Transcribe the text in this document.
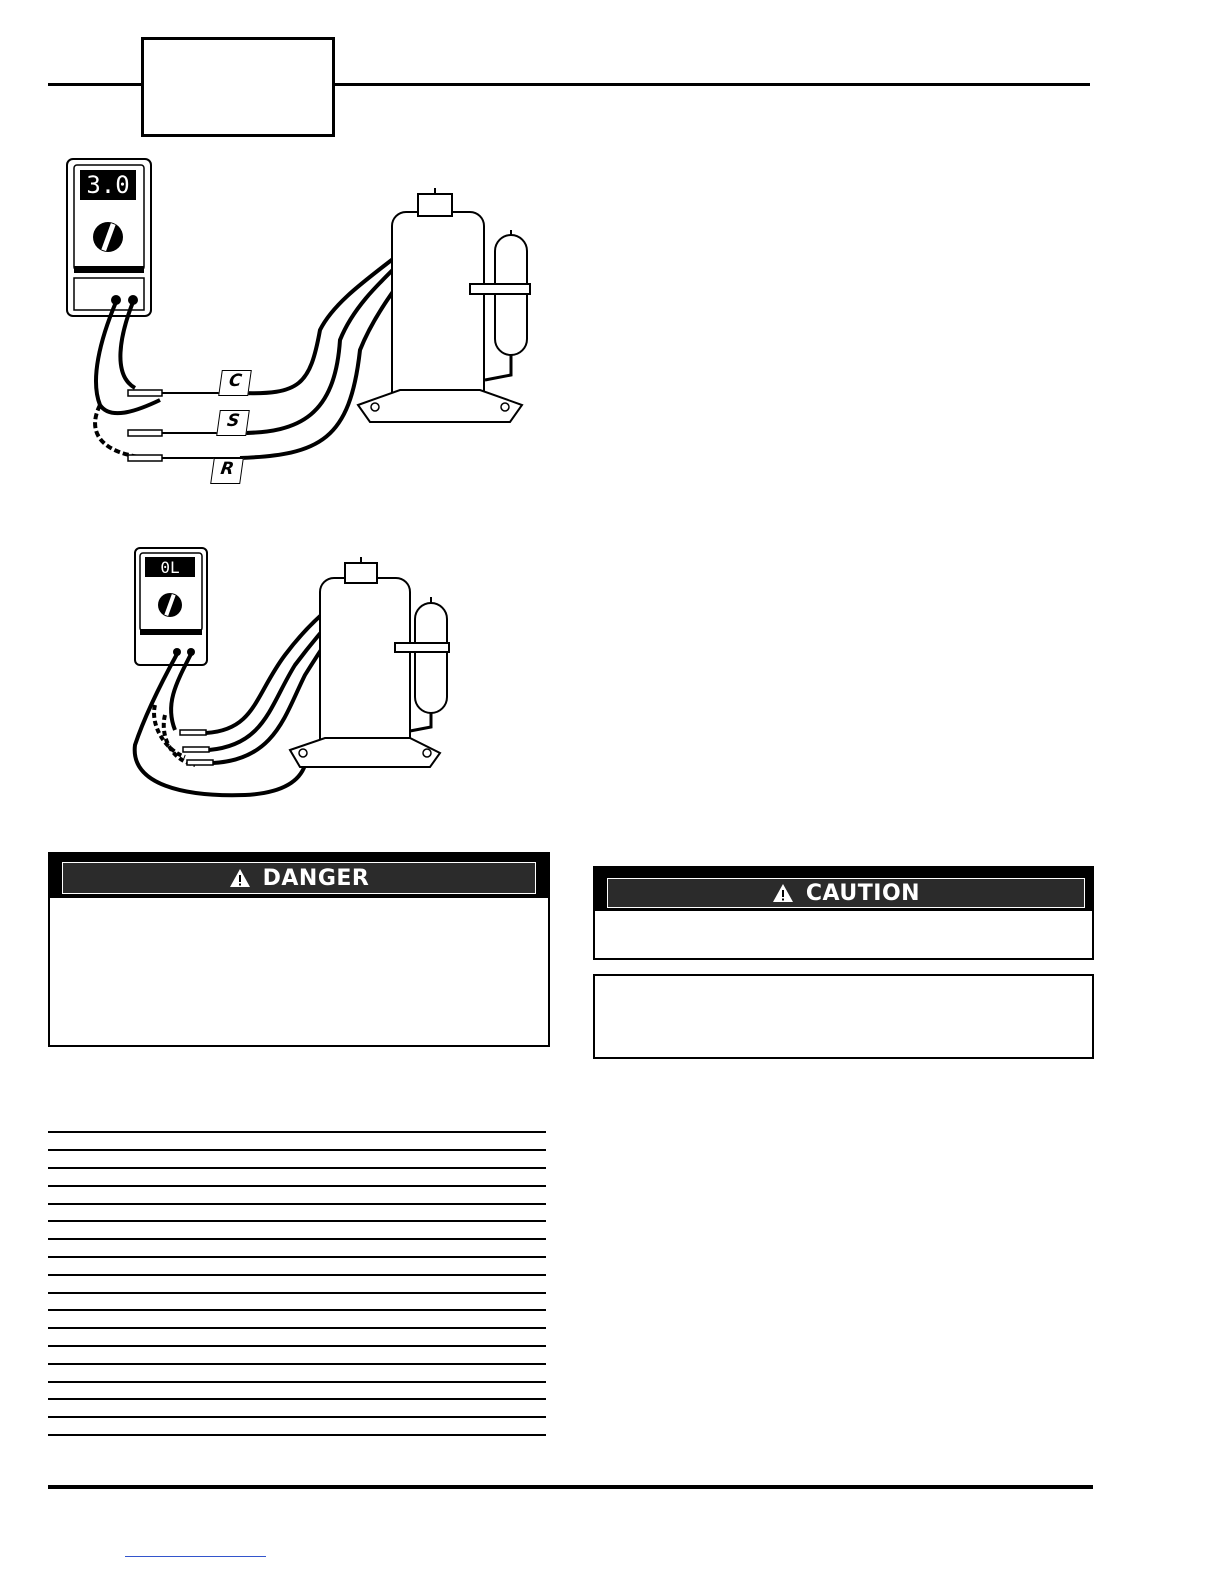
3.0
C
S
R
0L
DANGER
CAUTION
